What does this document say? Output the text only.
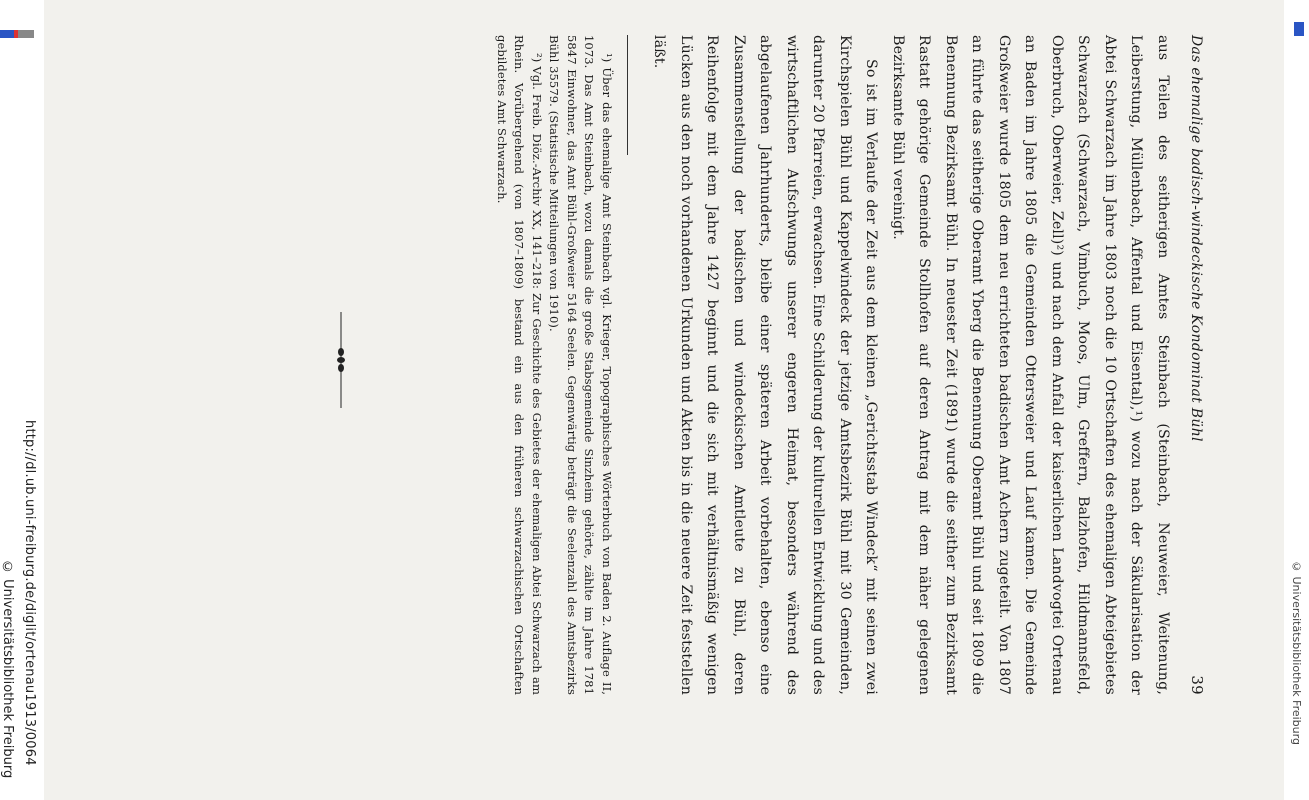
http://dl.ub.uni-freiburg.de/diglit/ortenau1913/0064
© Universitätsbibliothek Freiburg	© Universitätsbibliothek Freiburg
Das ehemalige badisch-windeckische Kondominat Bühl
39

aus Teilen des seitherigen Amtes Steinbach (Steinbach, Neuweier, Weitenung, Leiberstung, Müllenbach, Affental und Eisental),¹) wozu nach der Säkularisation der Abtei Schwarzach im Jahre 1803 noch die 10 Ortschaften des ehemaligen Abteigebietes Schwarzach (Schwarzach, Vimbuch, Moos, Ulm, Greffern, Balzhofen, Hildmannsfeld, Oberbruch, Oberweier, Zell)²) und nach dem Anfall der kaiserlichen Landvogtei Ortenau an Baden im Jahre 1805 die Gemeinden Ottersweier und Lauf kamen. Die Gemeinde Großweier wurde 1805 dem neu errichteten badischen Amt Achern zugeteilt. Von 1807 an führte das seitherige Oberamt Yberg die Benennung Oberamt Bühl und seit 1809 die Benennung Bezirksamt Bühl. In neuester Zeit (1891) wurde die seither zum Bezirksamt Rastatt gehörige Gemeinde Stollhofen auf deren Antrag mit dem näher gelegenen Bezirksamte Bühl vereinigt.

So ist im Verlaufe der Zeit aus dem kleinen „Gerichtsstab Windeck“ mit seinen zwei Kirchspielen Bühl und Kappelwindeck der jetzige Amtsbezirk Bühl mit 30 Gemeinden, darunter 20 Pfarreien, erwachsen. Eine Schilderung der kulturellen Entwicklung und des wirtschaftlichen Aufschwungs unserer engeren Heimat, besonders während des abgelaufenen Jahrhunderts, bleibe einer späteren Arbeit vorbehalten, ebenso eine Zusammenstellung der badischen und windeckischen Amtleute zu Bühl, deren Reihenfolge mit dem Jahre 1427 beginnt und die sich mit verhältnismäßig wenigen Lücken aus den noch vorhandenen Urkunden und Akten bis in die neuere Zeit feststellen läßt.

¹) Über das ehemalige Amt Steinbach vgl. Krieger, Topographisches Wörterbuch von Baden 2. Auflage II, 1073. Das Amt Steinbach, wozu damals die große Stabsgemeinde Sinzheim gehörte, zählte im Jahre 1781 5847 Einwohner, das Amt Bühl-Großweier 5164 Seelen. Gegenwärtig beträgt die Seelenzahl des Amtsbezirks Bühl 35579. (Statistische Mitteilungen von 1910).

²) Vgl. Freib. Diöz.-Archiv XX, 141–218: Zur Geschichte des Gebietes der ehemaligen Abtei Schwarzach am Rhein. Vorübergehend (von 1807–1809) bestand ein aus den früheren schwarzachischen Ortschaften gebildetes Amt Schwarzach.
